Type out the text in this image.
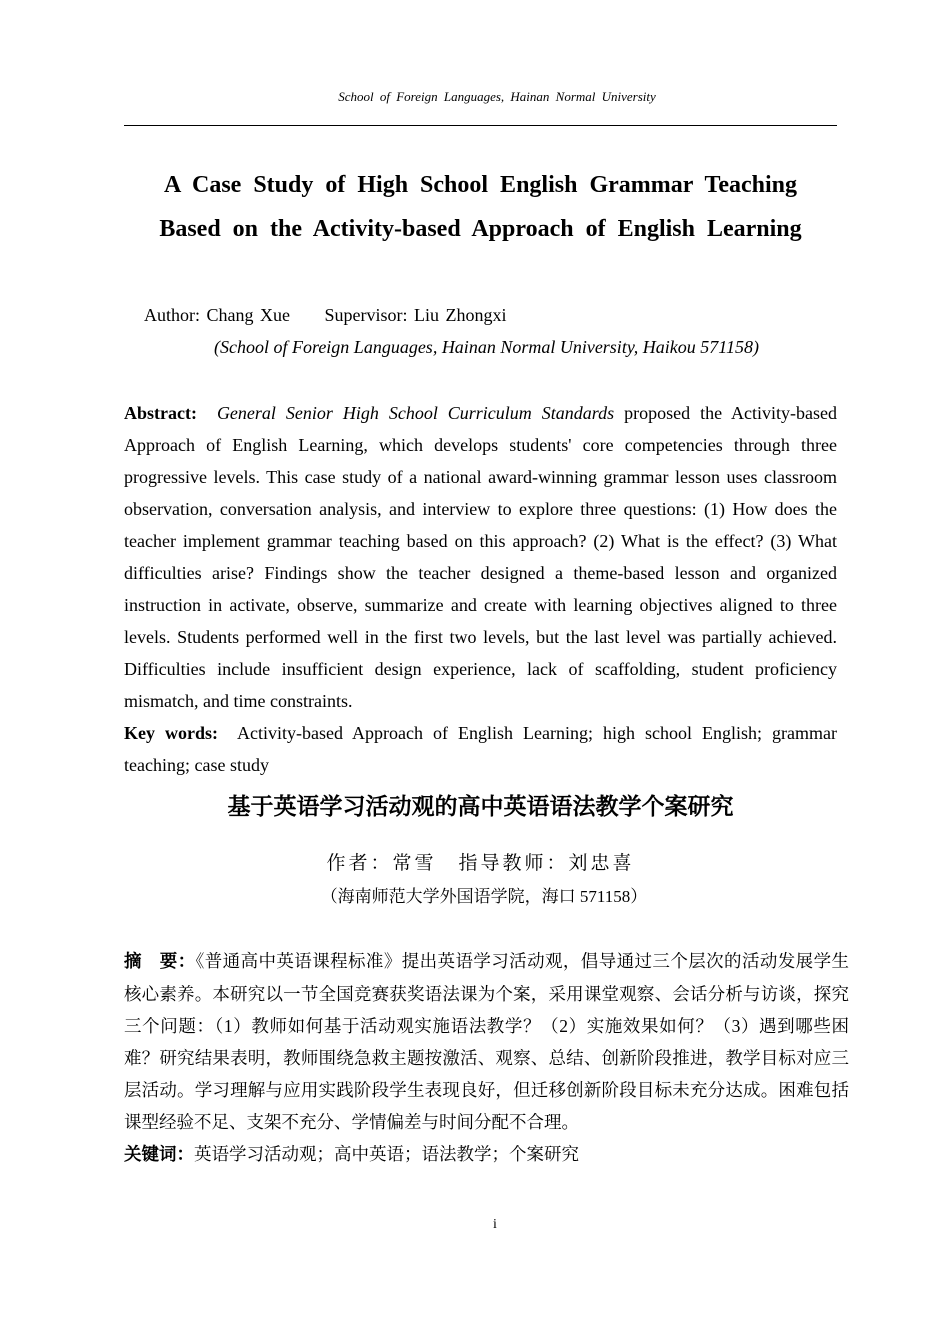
School of Foreign Languages, Hainan Normal University
A Case Study of High School English Grammar Teaching
Based on the Activity-based Approach of English Learning
Author: Chang Xue Supervisor: Liu Zhongxi
(School of Foreign Languages, Hainan Normal University, Haikou 571158)

Abstract: General Senior High School Curriculum Standards proposed the Activity-based Approach of English Learning, which develops students' core competencies through three progressive levels. This case study of a national award-winning grammar lesson uses classroom observation, conversation analysis, and interview to explore three questions: (1) How does the teacher implement grammar teaching based on this approach? (2) What is the effect? (3) What difficulties arise? Findings show the teacher designed a theme-based lesson and organized instruction in activate, observe, summarize and create with learning objectives aligned to three levels. Students performed well in the first two levels, but the last level was partially achieved. Difficulties include insufficient design experience, lack of scaffolding, student proficiency mismatch, and time constraints.

Key words: Activity-based Approach of English Learning; high school English; grammar teaching; case study

基于英语学习活动观的高中英语语法教学个案研究
作者：常雪 指导教师：刘忠喜
（海南师范大学外国语学院，海口 571158）

摘　要：《普通高中英语课程标准》提出英语学习活动观，倡导通过三个层次的活动发展学生核心素养。本研究以一节全国竞赛获奖语法课为个案，采用课堂观察、会话分析与访谈，探究三个问题：（1）教师如何基于活动观实施语法教学？（2）实施效果如何？（3）遇到哪些困难？研究结果表明，教师围绕急救主题按激活、观察、总结、创新阶段推进，教学目标对应三层活动。学习理解与应用实践阶段学生表现良好，但迁移创新阶段目标未充分达成。困难包括课型经验不足、支架不充分、学情偏差与时间分配不合理。

关键词：英语学习活动观；高中英语；语法教学；个案研究

i
